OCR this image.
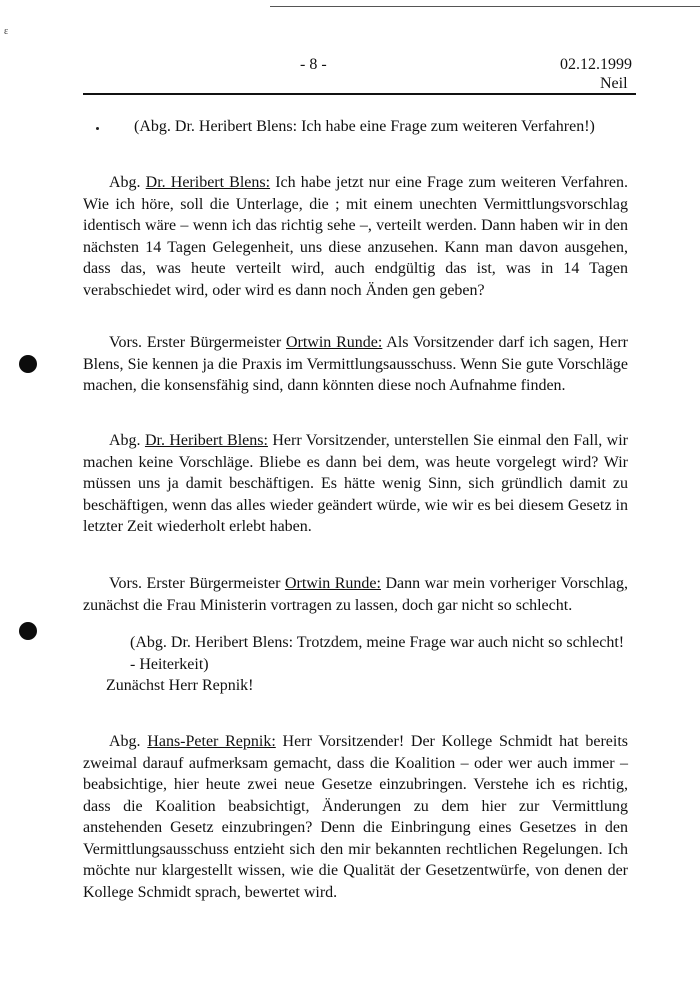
ɛ
- 8 -	02.12.1999
Neil

(Abg. Dr. Heribert Blens: Ich habe eine Frage zum weiteren Verfahren!)

Abg. Dr. Heribert Blens: Ich habe jetzt nur eine Frage zum weiteren Verfahren. Wie ich höre, soll die Unterlage, die ; mit einem unechten Vermittlungsvorschlag identisch wäre – wenn ich das richtig sehe –, verteilt werden. Dann haben wir in den nächsten 14 Tagen Gelegenheit, uns diese anzusehen. Kann man davon ausgehen, dass das, was heute verteilt wird, auch endgültig das ist, was in 14 Tagen verabschiedet wird, oder wird es dann noch Änden gen geben?

Vors. Erster Bürgermeister Ortwin Runde: Als Vorsitzender darf ich sagen, Herr Blens, Sie kennen ja die Praxis im Vermittlungsausschuss. Wenn Sie gute Vorschläge machen, die konsensfähig sind, dann könnten diese noch Aufnahme finden.

Abg. Dr. Heribert Blens: Herr Vorsitzender, unterstellen Sie einmal den Fall, wir machen keine Vorschläge. Bliebe es dann bei dem, was heute vorgelegt wird? Wir müssen uns ja damit beschäftigen. Es hätte wenig Sinn, sich gründlich damit zu beschäftigen, wenn das alles wieder geändert würde, wie wir es bei diesem Gesetz in letzter Zeit wiederholt erlebt haben.

Vors. Erster Bürgermeister Ortwin Runde: Dann war mein vorheriger Vorschlag, zunächst die Frau Ministerin vortragen zu lassen, doch gar nicht so schlecht.

(Abg. Dr. Heribert Blens: Trotzdem, meine Frage war auch nicht so schlecht! - Heiterkeit)

Zunächst Herr Repnik!

Abg. Hans-Peter Repnik: Herr Vorsitzender! Der Kollege Schmidt hat bereits zweimal darauf aufmerksam gemacht, dass die Koalition – oder wer auch immer – beabsichtige, hier heute zwei neue Gesetze einzubringen. Verstehe ich es richtig, dass die Koalition beabsichtigt, Änderungen zu dem hier zur Vermittlung anstehenden Gesetz einzubringen? Denn die Einbringung eines Gesetzes in den Vermittlungsausschuss entzieht sich den mir bekannten rechtlichen Regelungen. Ich möchte nur klargestellt wissen, wie die Qualität der Gesetzentwürfe, von denen der Kollege Schmidt sprach, bewertet wird.
